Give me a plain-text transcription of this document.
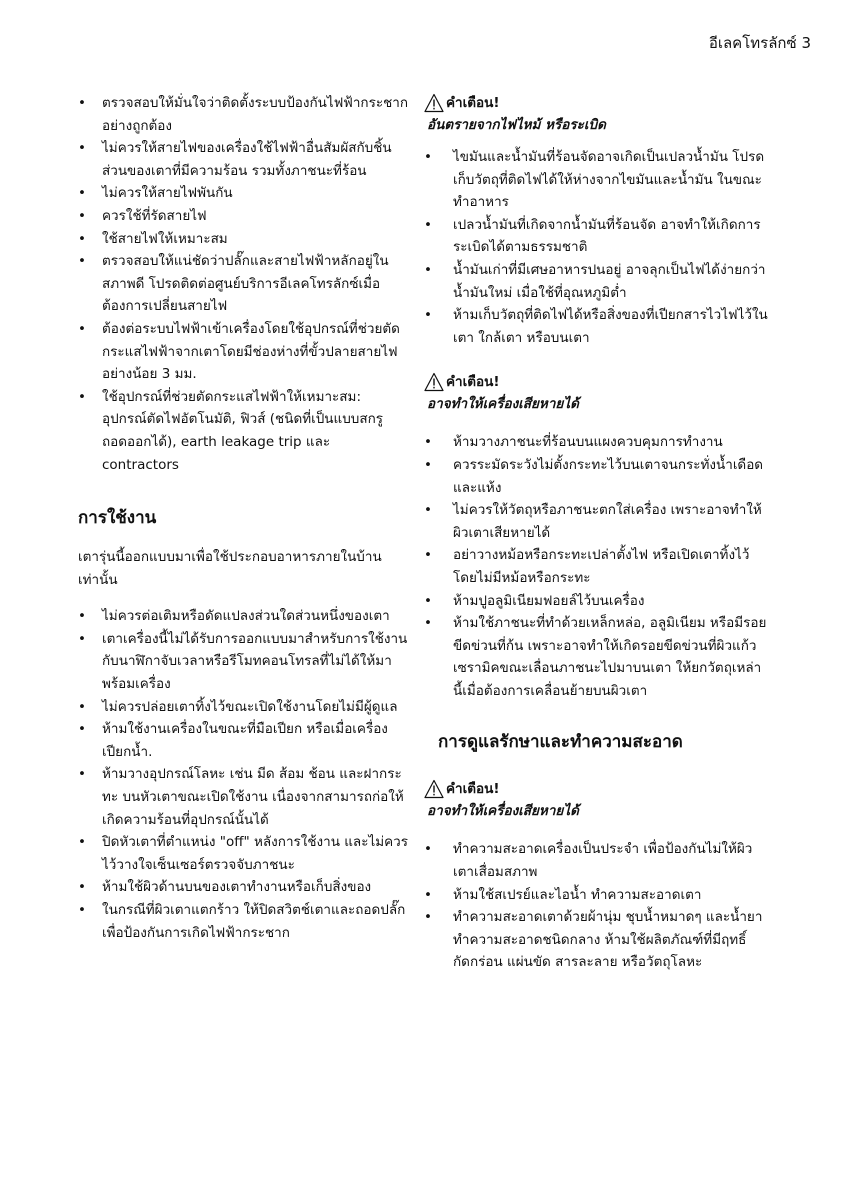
อีเลคโทรลักซ์ 3
• ตรวจสอบให้มั่นใจว่าติดตั้งระบบป้องกันไฟฟ้ากระชากอย่างถูกต้อง
• ไม่ควรให้สายไฟของเครื่องใช้ไฟฟ้าอื่นสัมผัสกับชิ้นส่วนของเตาที่มีความร้อน รวมทั้งภาชนะที่ร้อน
• ไม่ควรให้สายไฟพันกัน
• ควรใช้ที่รัดสายไฟ
• ใช้สายไฟให้เหมาะสม
• ตรวจสอบให้แน่ชัดว่าปลั๊กและสายไฟฟ้าหลักอยู่ในสภาพดี โปรดติดต่อศูนย์บริการอีเลคโทรลักซ์เมื่อต้องการเปลี่ยนสายไฟ
• ต้องต่อระบบไฟฟ้าเข้าเครื่องโดยใช้อุปกรณ์ที่ช่วยตัดกระแสไฟฟ้าจากเตาโดยมีช่องห่างที่ขั้วปลายสายไฟอย่างน้อย 3 มม.
• ใช้อุปกรณ์ที่ช่วยตัดกระแสไฟฟ้าให้เหมาะสม: อุปกรณ์ตัดไฟอัตโนมัติ, ฟิวส์ (ชนิดที่เป็นแบบสกรู ถอดออกได้), earth leakage trip และ contractors
การใช้งาน

เตารุ่นนี้ออกแบบมาเพื่อใช้ประกอบอาหารภายในบ้านเท่านั้น

• ไม่ควรต่อเติมหรือดัดแปลงส่วนใดส่วนหนึ่งของเตา
• เตาเครื่องนี้ไม่ได้รับการออกแบบมาสำหรับการใช้งานกับนาฬิกาจับเวลาหรือรีโมทคอนโทรลที่ไม่ได้ให้มาพร้อมเครื่อง
• ไม่ควรปล่อยเตาทิ้งไว้ขณะเปิดใช้งานโดยไม่มีผู้ดูแล
• ห้ามใช้งานเครื่องในขณะที่มือเปียก หรือเมื่อเครื่องเปียกน้ำ.
• ห้ามวางอุปกรณ์โลหะ เช่น มีด ส้อม ช้อน และฝากระทะ บนหัวเตาขณะเปิดใช้งาน เนื่องจากสามารถก่อให้เกิดความร้อนที่อุปกรณ์นั้นได้
• ปิดหัวเตาที่ตำแหน่ง "off" หลังการใช้งาน และไม่ควรไว้วางใจเซ็นเซอร์ตรวจจับภาชนะ
• ห้ามใช้ผิวด้านบนของเตาทำงานหรือเก็บสิ่งของ
• ในกรณีที่ผิวเตาแตกร้าว ให้ปิดสวิตช์เตาและถอดปลั๊ก เพื่อป้องกันการเกิดไฟฟ้ากระชาก
คำเตือน!
อันตรายจากไฟไหม้ หรือระเบิด
• ไขมันและน้ำมันที่ร้อนจัดอาจเกิดเป็นเปลวน้ำมัน โปรดเก็บวัตถุที่ติดไฟได้ให้ห่างจากไขมันและน้ำมัน ในขณะทำอาหาร
• เปลวน้ำมันที่เกิดจากน้ำมันที่ร้อนจัด อาจทำให้เกิดการระเบิดได้ตามธรรมชาติ
• น้ำมันเก่าที่มีเศษอาหารปนอยู่ อาจลุกเป็นไฟได้ง่ายกว่าน้ำมันใหม่ เมื่อใช้ที่อุณหภูมิต่ำ
• ห้ามเก็บวัตถุที่ติดไฟได้หรือสิ่งของที่เปียกสารไวไฟไว้ในเตา ใกล้เตา หรือบนเตา
คำเตือน!
อาจทำให้เครื่องเสียหายได้
• ห้ามวางภาชนะที่ร้อนบนแผงควบคุมการทำงาน
• ควรระมัดระวังไม่ตั้งกระทะไว้บนเตาจนกระทั่งน้ำเดือดและแห้ง
• ไม่ควรให้วัตถุหรือภาชนะตกใส่เครื่อง เพราะอาจทำให้ผิวเตาเสียหายได้
• อย่าวางหม้อหรือกระทะเปล่าตั้งไฟ หรือเปิดเตาทิ้งไว้โดยไม่มีหม้อหรือกระทะ
• ห้ามปูอลูมิเนียมฟอยล์ไว้บนเครื่อง
• ห้ามใช้ภาชนะที่ทำด้วยเหล็กหล่อ, อลูมิเนียม หรือมีรอยขีดข่วนที่ก้น เพราะอาจทำให้เกิดรอยขีดข่วนที่ผิวแก้วเซรามิคขณะเลื่อนภาชนะไปมาบนเตา ให้ยกวัตถุเหล่านี้เมื่อต้องการเคลื่อนย้ายบนผิวเตา
การดูแลรักษาและทำความสะอาด
คำเตือน!
อาจทำให้เครื่องเสียหายได้
• ทำความสะอาดเครื่องเป็นประจำ เพื่อป้องกันไม่ให้ผิวเตาเสื่อมสภาพ
• ห้ามใช้สเปรย์และไอน้ำ ทำความสะอาดเตา
• ทำความสะอาดเตาด้วยผ้านุ่ม ชุบน้ำหมาดๆ และน้ำยาทำความสะอาดชนิดกลาง ห้ามใช้ผลิตภัณฑ์ที่มีฤทธิ์กัดกร่อน แผ่นขัด สารละลาย หรือวัตถุโลหะ
